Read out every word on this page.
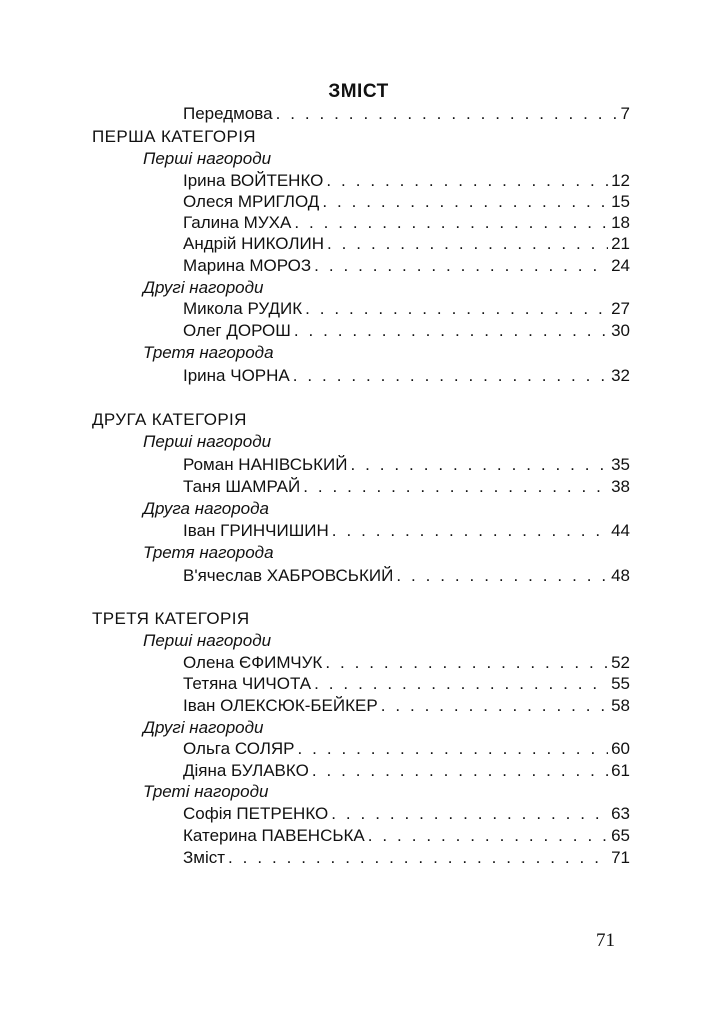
ЗМІСТ
Передмова . . .	7
ПЕРША КАТЕГОРІЯ
Перші нагороди
Ірина ВОЙТЕНКО . . .	12
Олеся МРИГЛОД . . .	15
Галина МУХА . . .	18
Андрій НИКОЛИН . . .	21
Марина МОРОЗ . . .	24
Другі нагороди
Микола РУДИК . . .	27
Олег ДОРОШ . . .	30
Третя нагорода
Ірина ЧОРНА . . .	32
ДРУГА КАТЕГОРІЯ
Перші нагороди
Роман НАНІВСЬКИЙ . . .	35
Таня ШАМРАЙ . . .	38
Друга нагорода
Іван ГРИНЧИШИН . . .	44
Третя нагорода
В'ячеслав ХАБРОВСЬКИЙ . . .	48
ТРЕТЯ КАТЕГОРІЯ
Перші нагороди
Олена ЄФИМЧУК . . .	52
Тетяна ЧИЧОТА . . .	55
Іван ОЛЕКСЮК-БЕЙКЕР . . .	58
Другі нагороди
Ольга СОЛЯР . . .	60
Діяна БУЛАВКО . . .	61
Треті нагороди
Софія ПЕТРЕНКО . . .	63
Катерина ПАВЕНСЬКА . . .	65
Зміст . . .	71
71
